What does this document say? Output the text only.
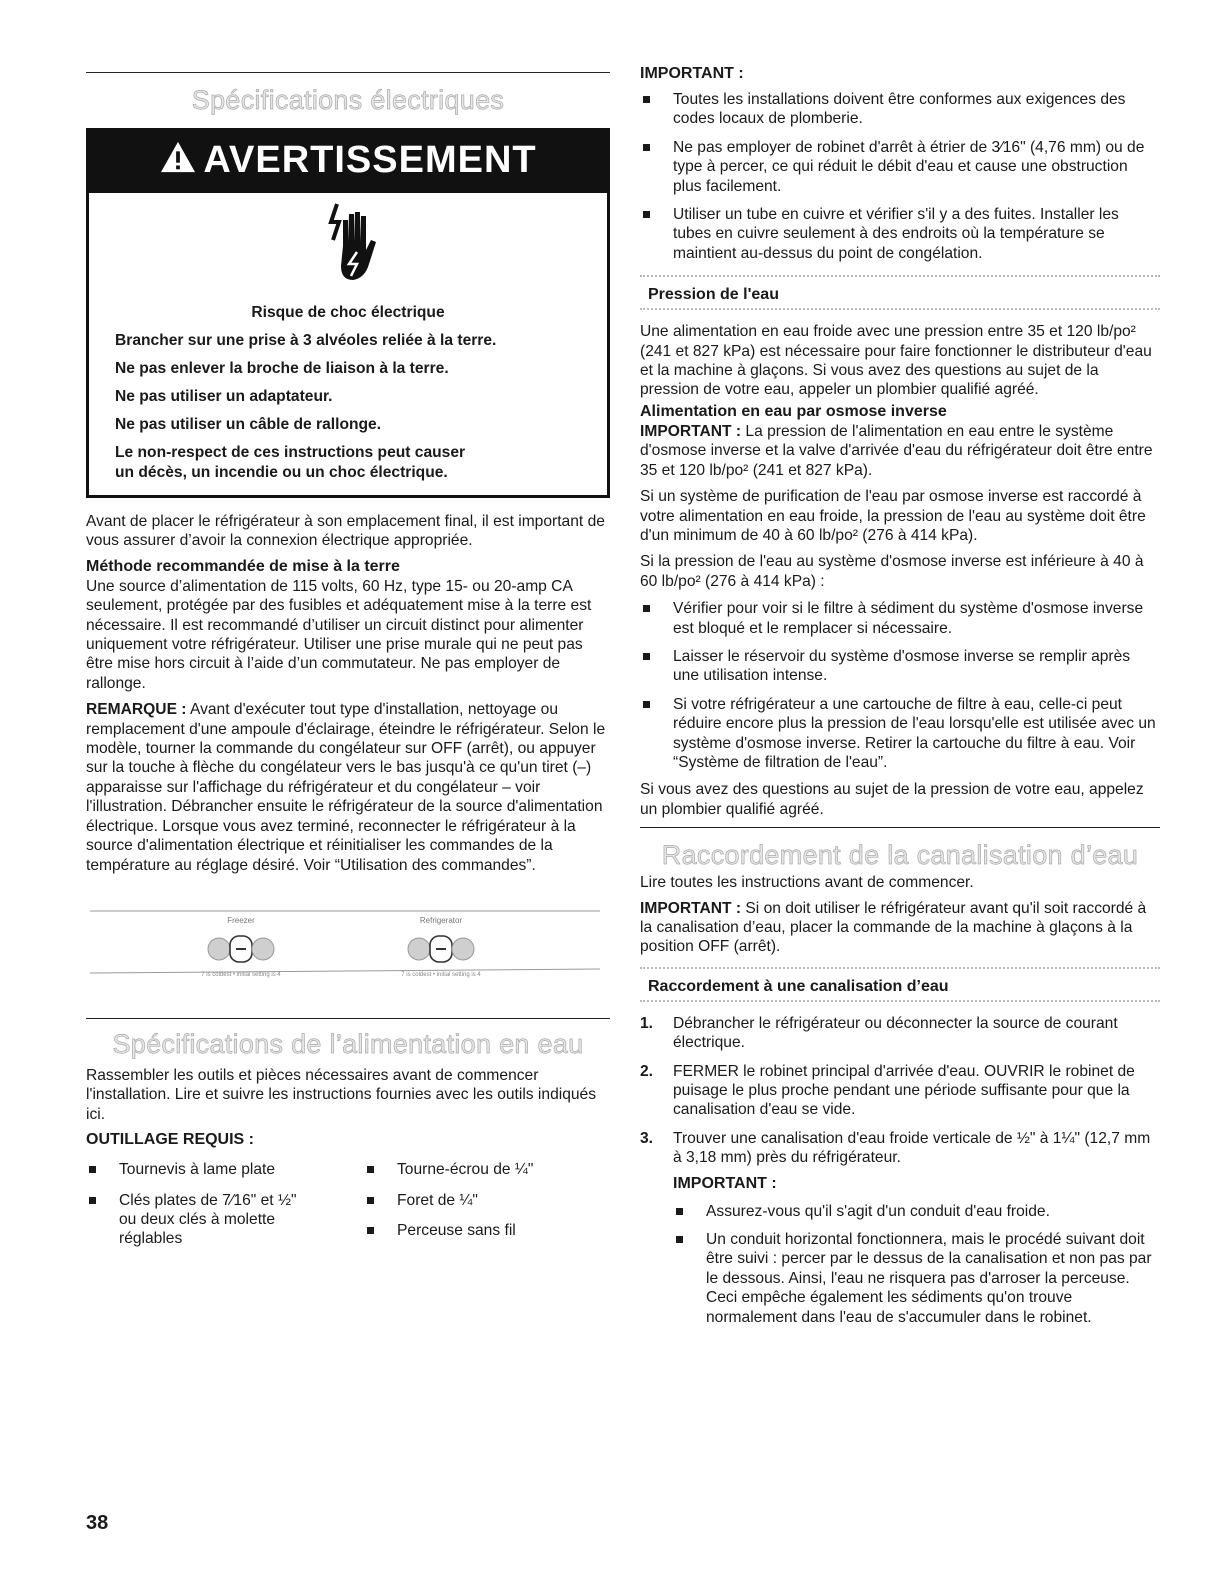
Spécifications électriques
AVERTISSEMENT

Risque de choc électrique

Brancher sur une prise à 3 alvéoles reliée à la terre.

Ne pas enlever la broche de liaison à la terre.

Ne pas utiliser un adaptateur.

Ne pas utiliser un câble de rallonge.

Le non-respect de ces instructions peut causer
un décès, un incendie ou un choc électrique.

Avant de placer le réfrigérateur à son emplacement final, il est important de vous assurer d’avoir la connexion électrique appropriée.

Méthode recommandée de mise à la terre

Une source d’alimentation de 115 volts, 60 Hz, type 15- ou 20-amp CA seulement, protégée par des fusibles et adéquatement mise à la terre est nécessaire. Il est recommandé d’utiliser un circuit distinct pour alimenter uniquement votre réfrigérateur. Utiliser une prise murale qui ne peut pas être mise hors circuit à l’aide d’un commutateur. Ne pas employer de rallonge.

REMARQUE : Avant d'exécuter tout type d'installation, nettoyage ou remplacement d'une ampoule d'éclairage, éteindre le réfrigérateur. Selon le modèle, tourner la commande du congélateur sur OFF (arrêt), ou appuyer sur la touche à flèche du congélateur vers le bas jusqu'à ce qu'un tiret (–) apparaisse sur l'affichage du réfrigérateur et du congélateur – voir l'illustration. Débrancher ensuite le réfrigérateur de la source d'alimentation électrique. Lorsque vous avez terminé, reconnecter le réfrigérateur à la source d'alimentation électrique et réinitialiser les commandes de la température au réglage désiré. Voir “Utilisation des commandes”.

Freezer	Refrigerator
7 is coldest • initial setting is 4	7 is coldest • initial setting is 4
Spécifications de l’alimentation en eau

Rassembler les outils et pièces nécessaires avant de commencer l'installation. Lire et suivre les instructions fournies avec les outils indiqués ici.

OUTILLAGE REQUIS :
Tournevis à lame plate
Clés plates de 7⁄16" et ½" ou deux clés à molette réglables
Tourne-écrou de ¼"
Foret de ¼"
Perceuse sans fil
38
IMPORTANT :
Toutes les installations doivent être conformes aux exigences des codes locaux de plomberie.
Ne pas employer de robinet d'arrêt à étrier de 3⁄16" (4,76 mm) ou de type à percer, ce qui réduit le débit d'eau et cause une obstruction plus facilement.
Utiliser un tube en cuivre et vérifier s'il y a des fuites. Installer les tubes en cuivre seulement à des endroits où la température se maintient au-dessus du point de congélation.
Pression de l'eau

Une alimentation en eau froide avec une pression entre 35 et 120 lb/po² (241 et 827 kPa) est nécessaire pour faire fonctionner le distributeur d'eau et la machine à glaçons. Si vous avez des questions au sujet de la pression de votre eau, appeler un plombier qualifié agréé.

Alimentation en eau par osmose inverse

IMPORTANT : La pression de l'alimentation en eau entre le système d'osmose inverse et la valve d'arrivée d'eau du réfrigérateur doit être entre 35 et 120 lb/po² (241 et 827 kPa).

Si un système de purification de l'eau par osmose inverse est raccordé à votre alimentation en eau froide, la pression de l'eau au système doit être d'un minimum de 40 à 60 lb/po² (276 à 414 kPa).

Si la pression de l'eau au système d'osmose inverse est inférieure à 40 à 60 lb/po² (276 à 414 kPa) :

Vérifier pour voir si le filtre à sédiment du système d'osmose inverse est bloqué et le remplacer si nécessaire.
Laisser le réservoir du système d'osmose inverse se remplir après une utilisation intense.
Si votre réfrigérateur a une cartouche de filtre à eau, celle-ci peut réduire encore plus la pression de l'eau lorsqu'elle est utilisée avec un système d'osmose inverse. Retirer la cartouche du filtre à eau. Voir “Système de filtration de l'eau”.

Si vous avez des questions au sujet de la pression de votre eau, appelez un plombier qualifié agréé.

Raccordement de la canalisation d’eau

Lire toutes les instructions avant de commencer.

IMPORTANT : Si on doit utiliser le réfrigérateur avant qu'il soit raccordé à la canalisation d’eau, placer la commande de la machine à glaçons à la position OFF (arrêt).

Raccordement à une canalisation d’eau
1. Débrancher le réfrigérateur ou déconnecter la source de courant électrique.
2. FERMER le robinet principal d'arrivée d'eau. OUVRIR le robinet de puisage le plus proche pendant une période suffisante pour que la canalisation d'eau se vide.
3. Trouver une canalisation d'eau froide verticale de ½" à 1¼" (12,7 mm à 3,18 mm) près du réfrigérateur.
IMPORTANT :
Assurez-vous qu'il s'agit d'un conduit d'eau froide.
Un conduit horizontal fonctionnera, mais le procédé suivant doit être suivi : percer par le dessus de la canalisation et non pas par le dessous. Ainsi, l'eau ne risquera pas d'arroser la perceuse. Ceci empêche également les sédiments qu'on trouve normalement dans l'eau de s'accumuler dans le robinet.
